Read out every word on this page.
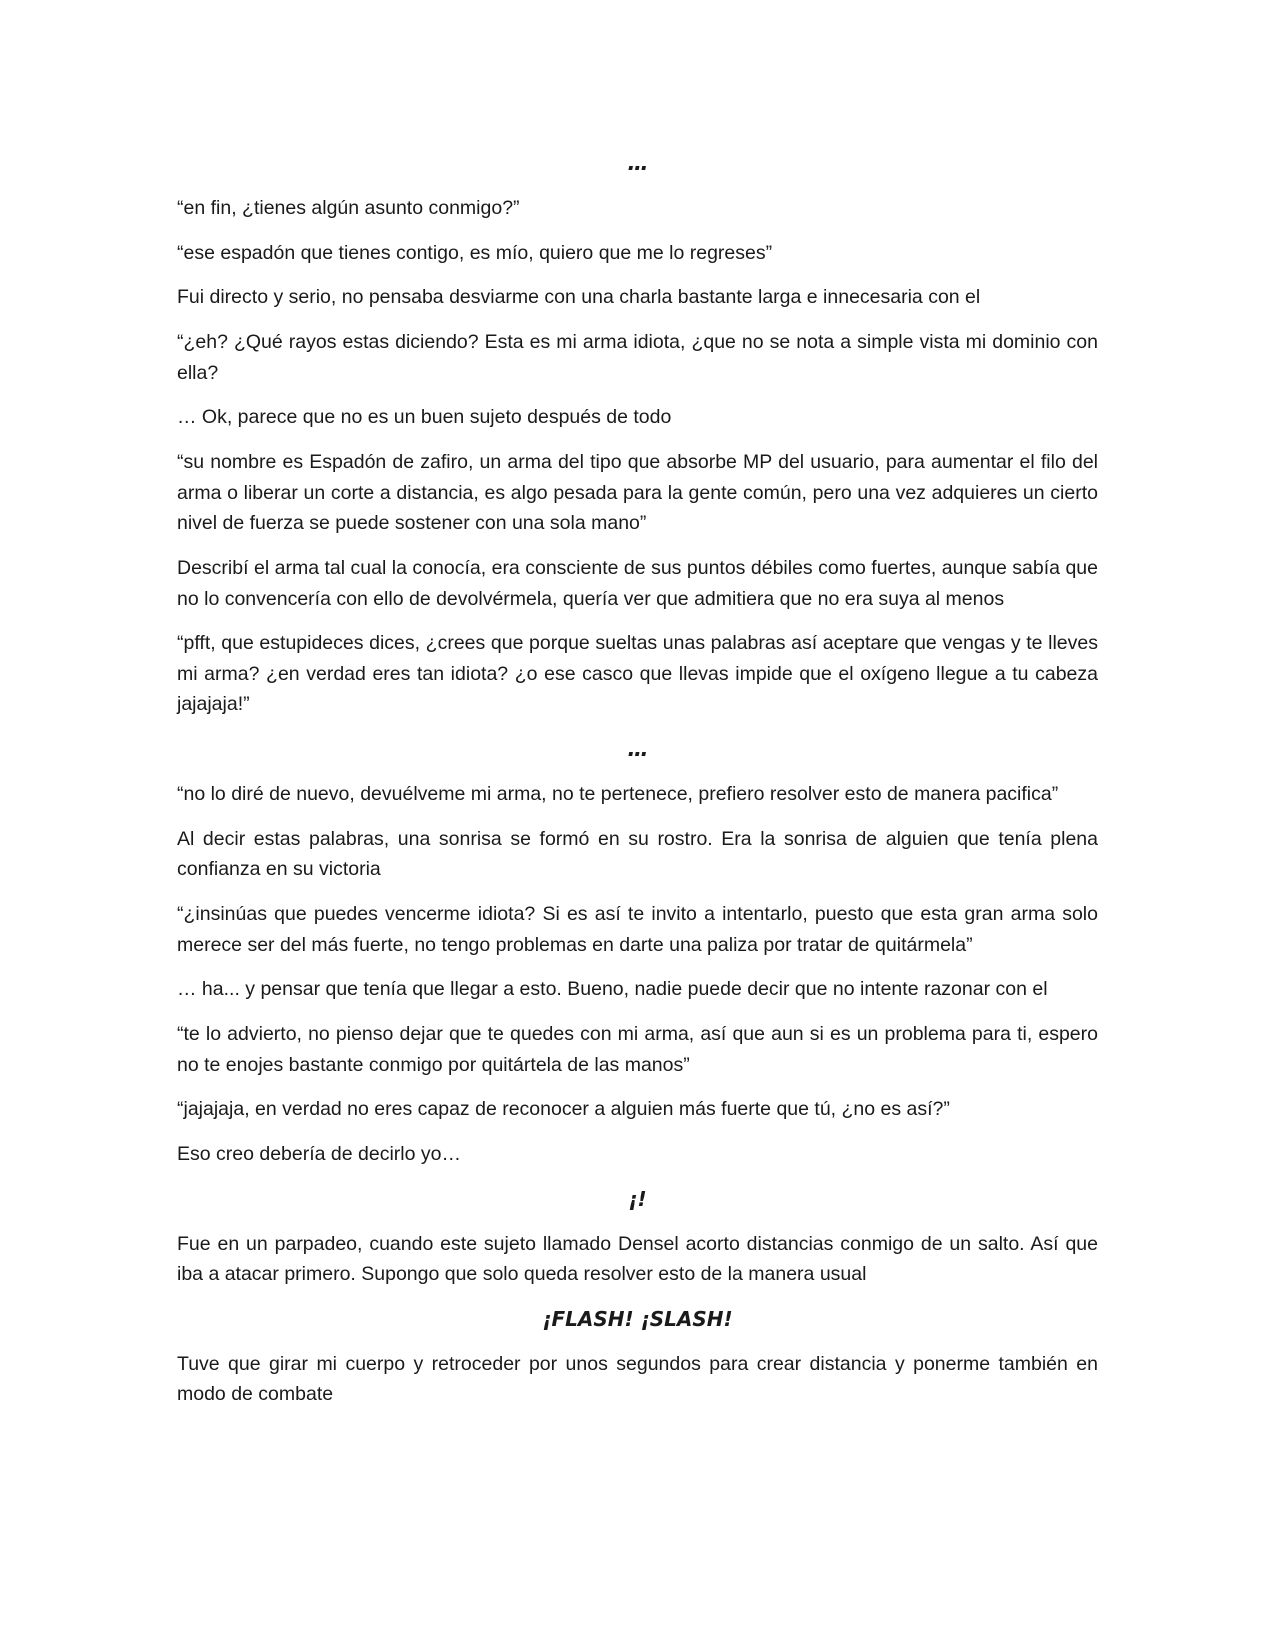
…

“en fin, ¿tienes algún asunto conmigo?”

“ese espadón que tienes contigo, es mío, quiero que me lo regreses”

Fui directo y serio, no pensaba desviarme con una charla bastante larga e innecesaria con el

“¿eh? ¿Qué rayos estas diciendo? Esta es mi arma idiota, ¿que no se nota a simple vista mi dominio con ella?

… Ok, parece que no es un buen sujeto después de todo

“su nombre es Espadón de zafiro, un arma del tipo que absorbe MP del usuario, para aumentar el filo del arma o liberar un corte a distancia, es algo pesada para la gente común, pero una vez adquieres un cierto nivel de fuerza se puede sostener con una sola mano”

Describí el arma tal cual la conocía, era consciente de sus puntos débiles como fuertes, aunque sabía que no lo convencería con ello de devolvérmela, quería ver que admitiera que no era suya al menos

“pfft, que estupideces dices, ¿crees que porque sueltas unas palabras así aceptare que vengas y te lleves mi arma? ¿en verdad eres tan idiota? ¿o ese casco que llevas impide que el oxígeno llegue a tu cabeza jajajaja!”

…

“no lo diré de nuevo, devuélveme mi arma, no te pertenece, prefiero resolver esto de manera pacifica”

Al decir estas palabras, una sonrisa se formó en su rostro. Era la sonrisa de alguien que tenía plena confianza en su victoria

“¿insinúas que puedes vencerme idiota? Si es así te invito a intentarlo, puesto que esta gran arma solo merece ser del más fuerte, no tengo problemas en darte una paliza por tratar de quitármela”

… ha... y pensar que tenía que llegar a esto. Bueno, nadie puede decir que no intente razonar con el

“te lo advierto, no pienso dejar que te quedes con mi arma, así que aun si es un problema para ti, espero no te enojes bastante conmigo por quitártela de las manos”

“jajajaja, en verdad no eres capaz de reconocer a alguien más fuerte que tú, ¿no es así?”

Eso creo debería de decirlo yo…

¡!

Fue en un parpadeo, cuando este sujeto llamado Densel acorto distancias conmigo de un salto. Así que iba a atacar primero. Supongo que solo queda resolver esto de la manera usual

¡FLASH! ¡SLASH!

Tuve que girar mi cuerpo y retroceder por unos segundos para crear distancia y ponerme también en modo de combate
